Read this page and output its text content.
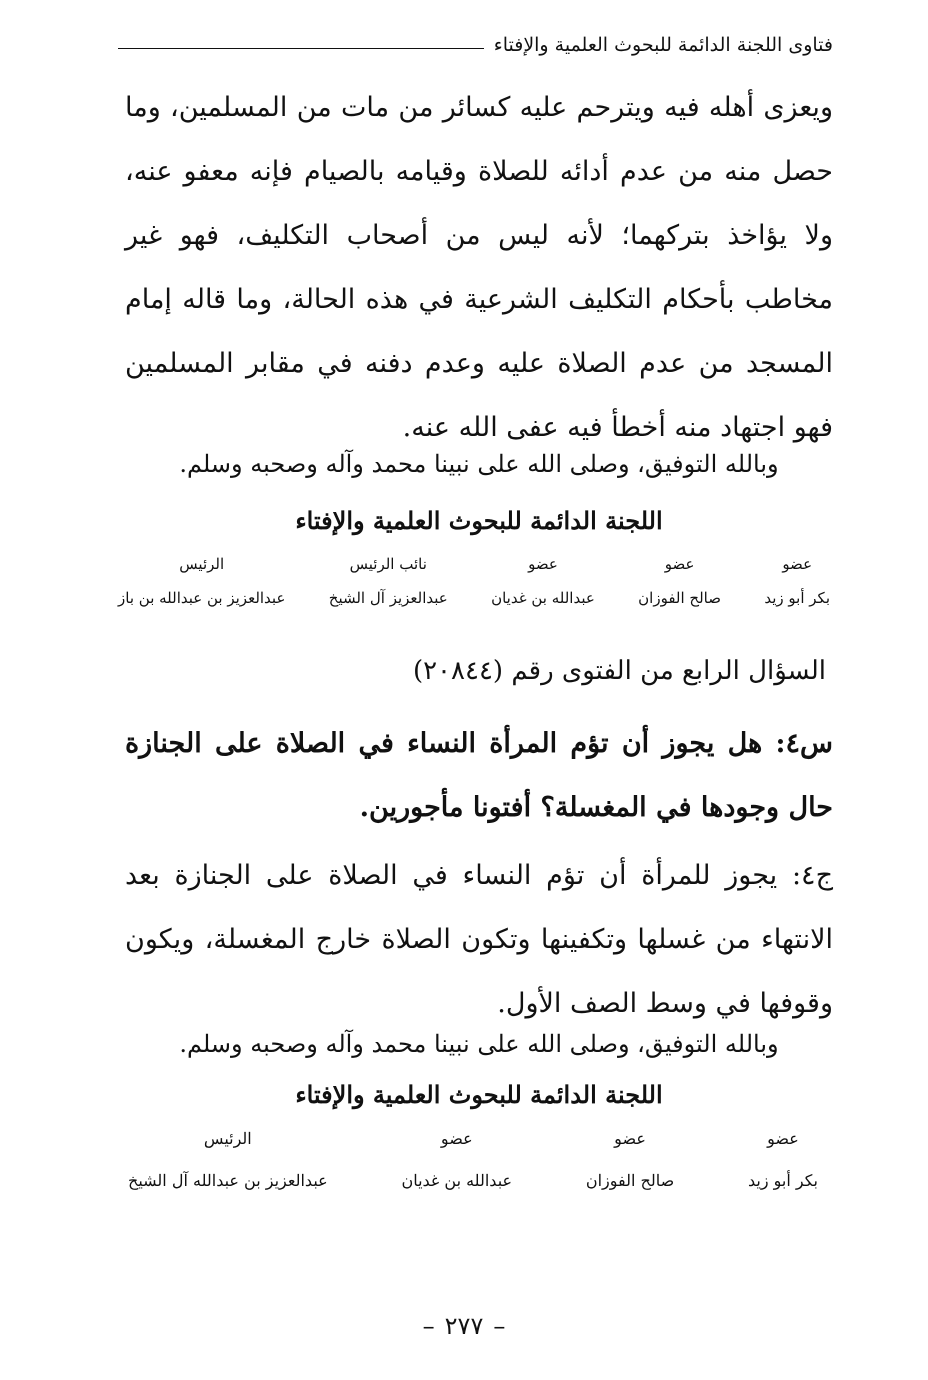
فتاوى اللجنة الدائمة للبحوث العلمية والإفتاء
ويعزى أهله فيه ويترحم عليه كسائر من مات من المسلمين، وما حصل منه من عدم أدائه للصلاة وقيامه بالصيام فإنه معفو عنه، ولا يؤاخذ بتركهما؛ لأنه ليس من أصحاب التكليف، فهو غير مخاطب بأحكام التكليف الشرعية في هذه الحالة، وما قاله إمام المسجد من عدم الصلاة عليه وعدم دفنه في مقابر المسلمين فهو اجتهاد منه أخطأ فيه عفى الله عنه.
وبالله التوفيق، وصلى الله على نبينا محمد وآله وصحبه وسلم.
اللجنة الدائمة للبحوث العلمية والإفتاء
عضو
بكر أبو زيد
عضو
صالح الفوزان
عضو
عبدالله بن غديان
نائب الرئيس
عبدالعزيز آل الشيخ
الرئيس
عبدالعزيز بن عبدالله بن باز
السؤال الرابع من الفتوى رقم (٢٠٨٤٤)
س٤: هل يجوز أن تؤم المرأة النساء في الصلاة على الجنازة حال وجودها في المغسلة؟ أفتونا مأجورين.
ج٤: يجوز للمرأة أن تؤم النساء في الصلاة على الجنازة بعد الانتهاء من غسلها وتكفينها وتكون الصلاة خارج المغسلة، ويكون وقوفها في وسط الصف الأول.
وبالله التوفيق، وصلى الله على نبينا محمد وآله وصحبه وسلم.
اللجنة الدائمة للبحوث العلمية والإفتاء
عضو
بكر أبو زيد
عضو
صالح الفوزان
عضو
عبدالله بن غديان
الرئيس
عبدالعزيز بن عبدالله آل الشيخ
–٢٧٧–
